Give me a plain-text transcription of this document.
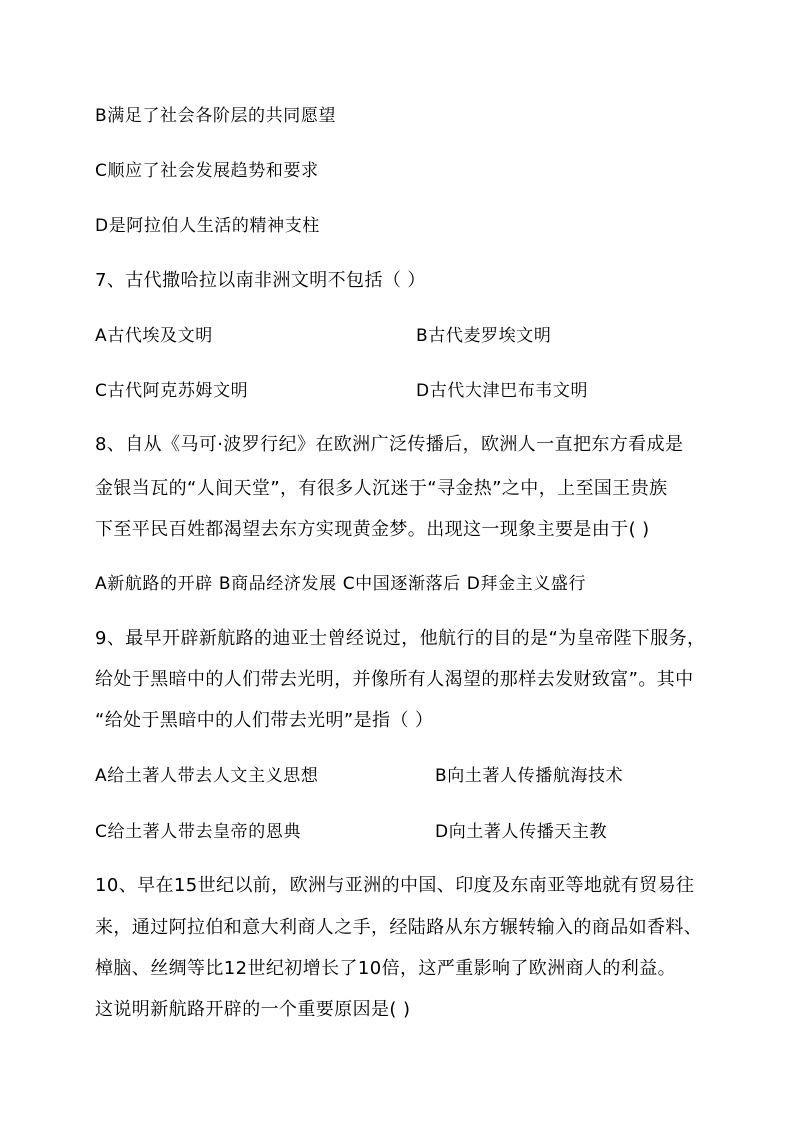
B满足了社会各阶层的共同愿望
C顺应了社会发展趋势和要求
D是阿拉伯人生活的精神支柱
7、古代撒哈拉以南非洲文明不包括（ ）
A古代埃及文明	B古代麦罗埃文明
C古代阿克苏姆文明	D古代大津巴布韦文明
8、自从《马可·波罗行纪》在欧洲广泛传播后，欧洲人一直把东方看成是
金银当瓦的“人间天堂”，有很多人沉迷于“寻金热”之中，上至国王贵族
下至平民百姓都渴望去东方实现黄金梦。出现这一现象主要是由于( )
A新航路的开辟 B商品经济发展 C中国逐渐落后 D拜金主义盛行
9、最早开辟新航路的迪亚士曾经说过，他航行的目的是“为皇帝陛下服务，
给处于黑暗中的人们带去光明，并像所有人渴望的那样去发财致富”。其中
“给处于黑暗中的人们带去光明”是指（ ）
A给土著人带去人文主义思想	B向土著人传播航海技术
C给土著人带去皇帝的恩典	D向土著人传播天主教
10、早在15世纪以前，欧洲与亚洲的中国、印度及东南亚等地就有贸易往
来，通过阿拉伯和意大利商人之手，经陆路从东方辗转输入的商品如香料、
樟脑、丝绸等比12世纪初增长了10倍，这严重影响了欧洲商人的利益。
这说明新航路开辟的一个重要原因是( )
